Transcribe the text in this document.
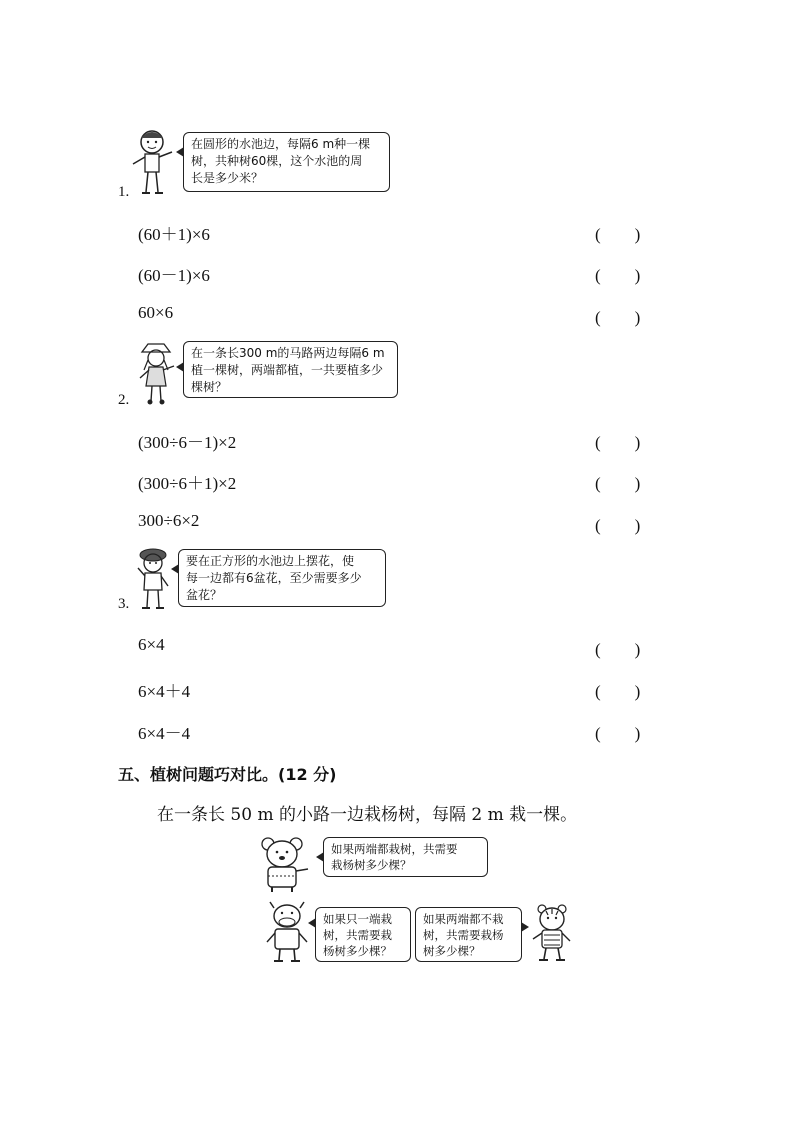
1.
在圆形的水池边，每隔6 m种一棵
树，共种树60棵，这个水池的周
长是多少米？
(60＋1)×6	(　　)
(60－1)×6	(　　)
60×6	(　　)
2.
在一条长300 m的马路两边每隔6 m
植一棵树，两端都植，一共要植多少
棵树？
(300÷6－1)×2	(　　)
(300÷6＋1)×2	(　　)
300÷6×2	(　　)
3.
要在正方形的水池边上摆花，使
每一边都有6盆花，至少需要多少
盆花？
6×4	(　　)
6×4＋4	(　　)
6×4－4	(　　)
五、植树问题巧对比。(12 分)
在一条长 50 m 的小路一边栽杨树，每隔 2 m 栽一棵。
如果两端都栽树，共需要
栽杨树多少棵？
如果只一端栽
树，共需要栽
杨树多少棵？
如果两端都不栽
树，共需要栽杨
树多少棵？
